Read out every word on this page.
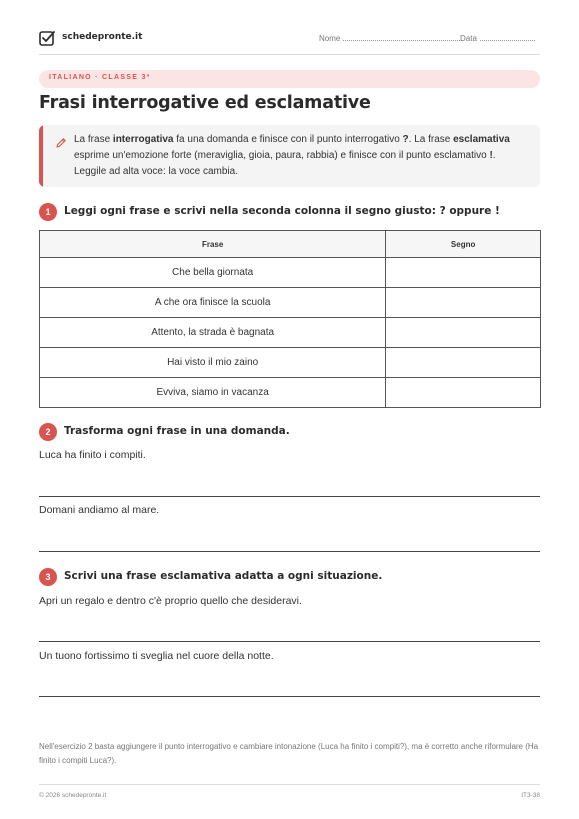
schedepronte.it	Nome	Data
ITALIANO · CLASSE 3ª
Frasi interrogative ed esclamative

La frase interrogativa fa una domanda e finisce con il punto interrogativo ?. La frase esclamativa esprime un'emozione forte (meraviglia, gioia, paura, rabbia) e finisce con il punto esclamativo !. Leggile ad alta voce: la voce cambia.

1	Leggi ogni frase e scrivi nella seconda colonna il segno giusto: ? oppure !
Frase	Segno
Che bella giornata	
A che ora finisce la scuola	
Attento, la strada è bagnata	
Hai visto il mio zaino	
Evviva, siamo in vacanza	
2	Trasforma ogni frase in una domanda.
Luca ha finito i compiti.
Domani andiamo al mare.
3	Scrivi una frase esclamativa adatta a ogni situazione.
Apri un regalo e dentro c'è proprio quello che desideravi.
Un tuono fortissimo ti sveglia nel cuore della notte.
Nell'esercizio 2 basta aggiungere il punto interrogativo e cambiare intonazione (Luca ha finito i compiti?), ma è corretto anche riformulare (Ha finito i compiti Luca?).
© 2026 schedepronte.it	IT3-38
